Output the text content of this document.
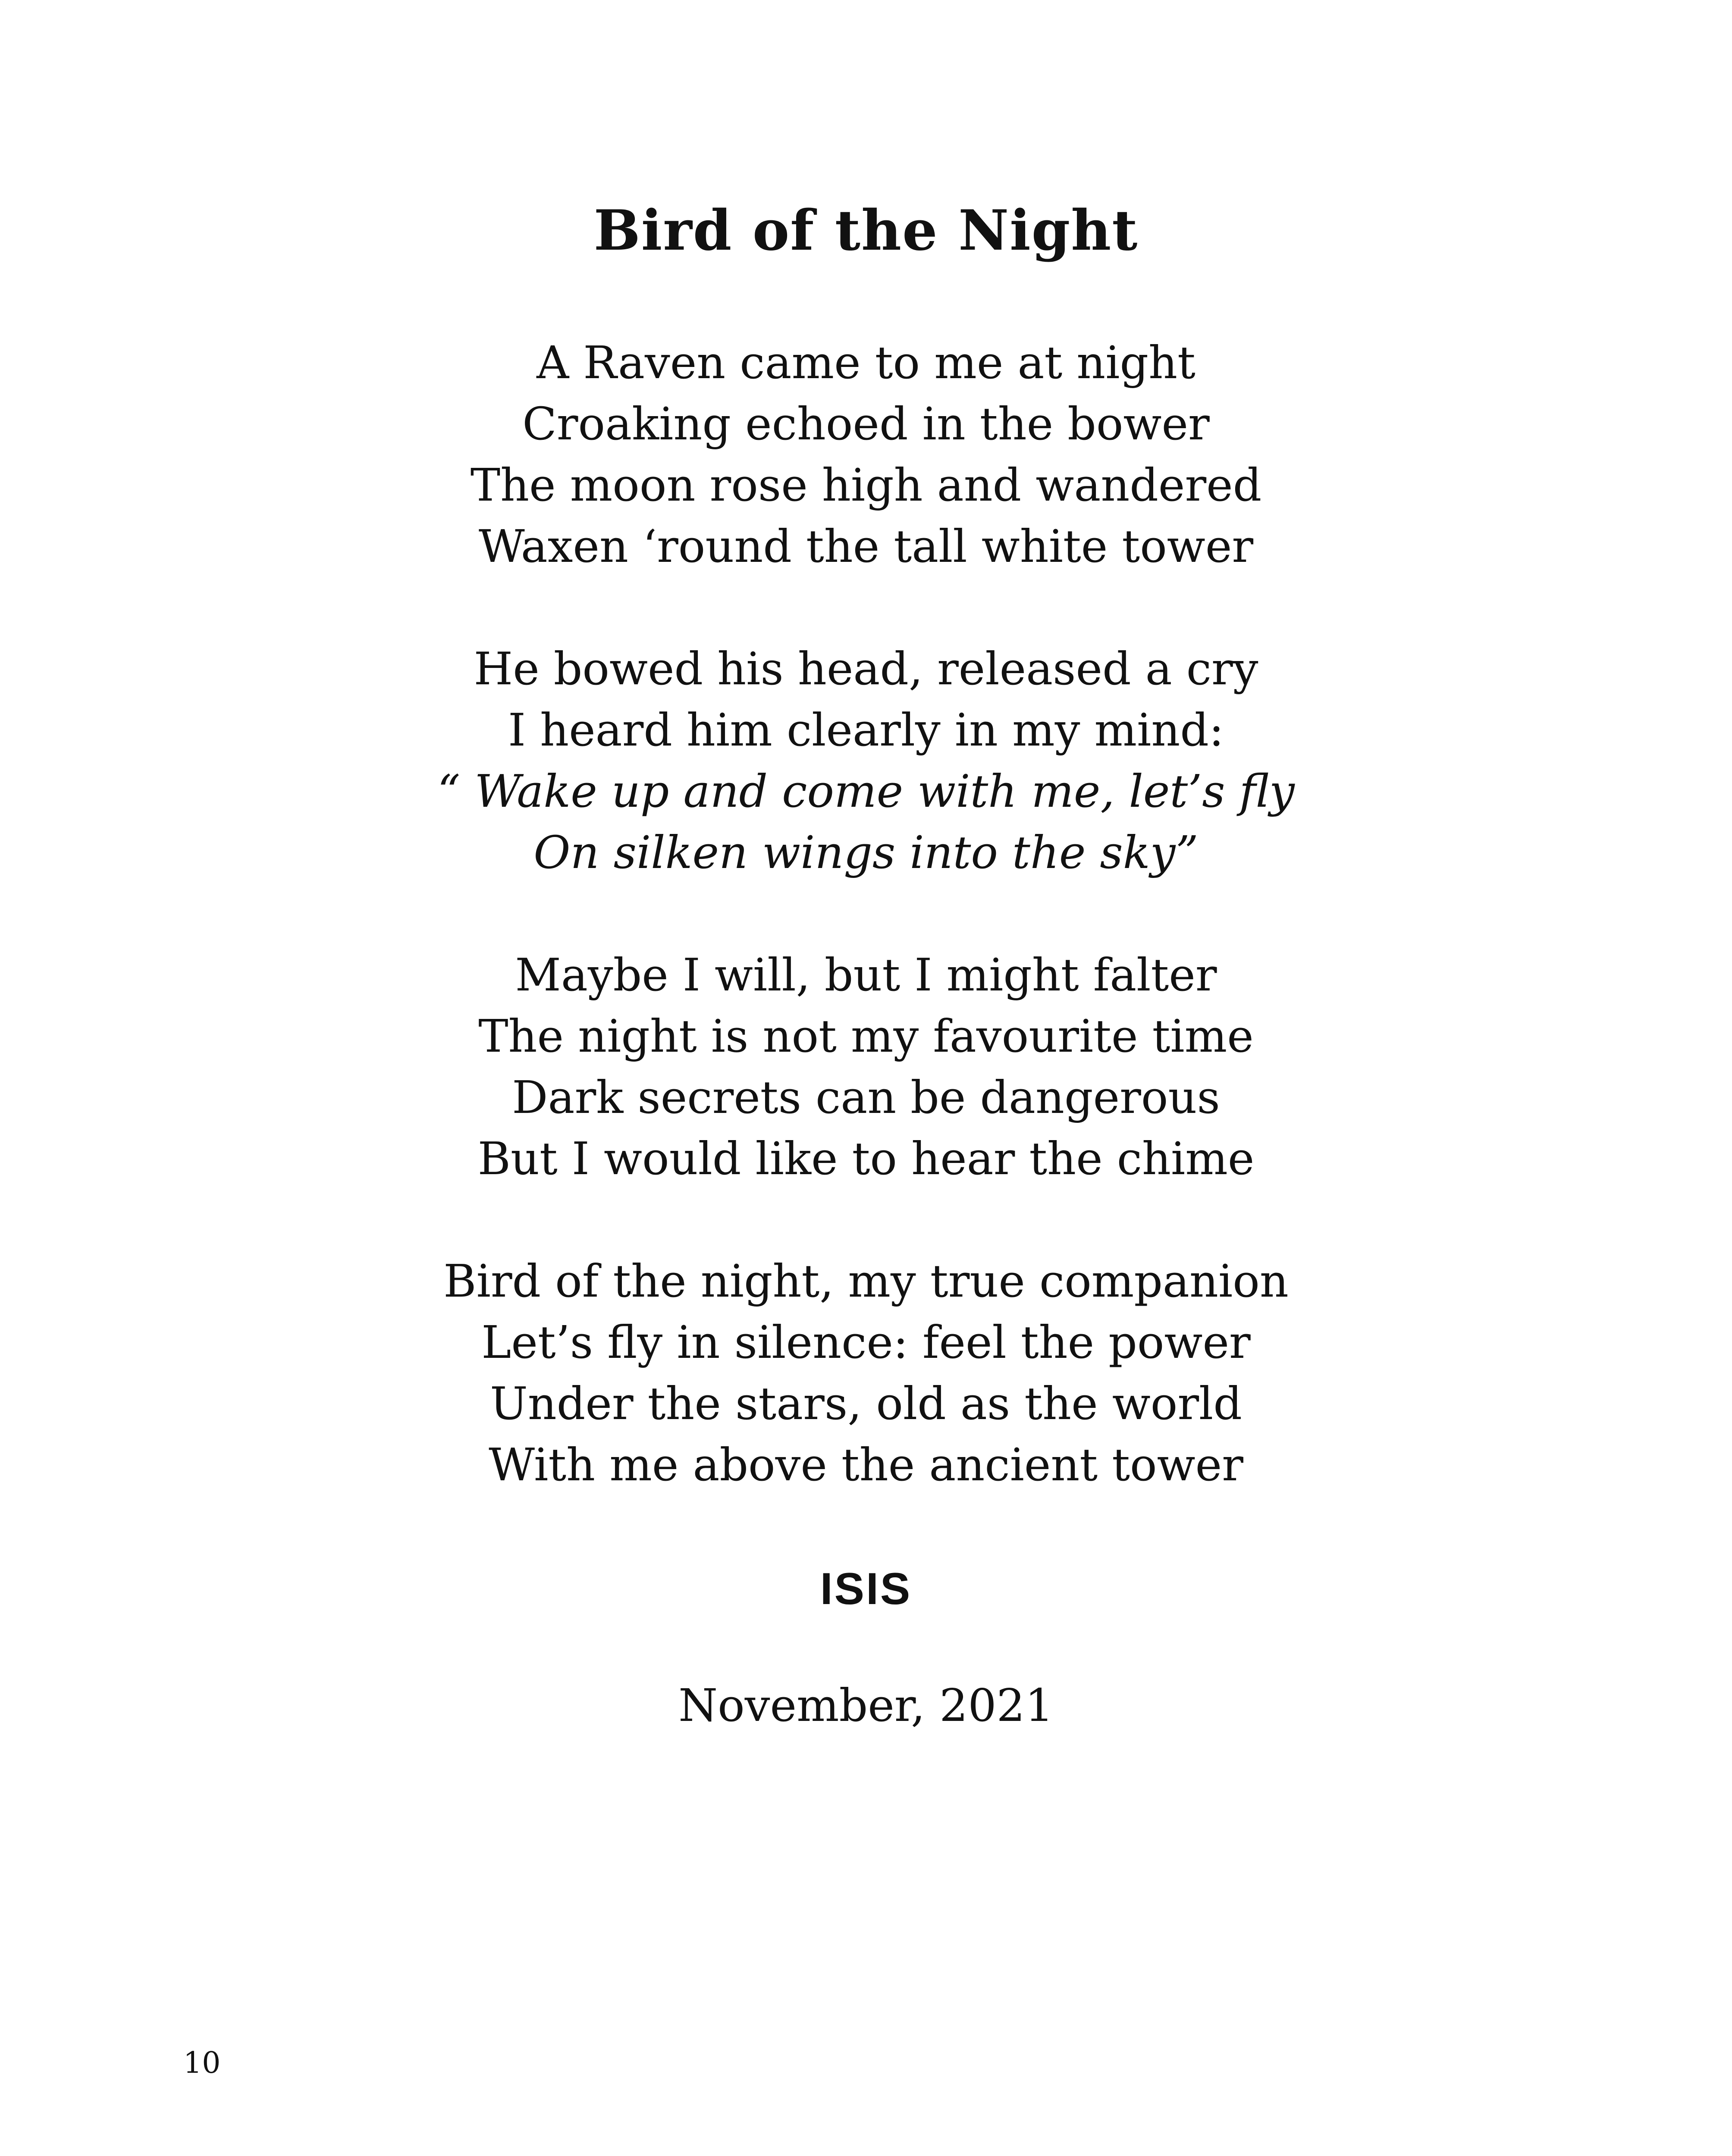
Bird of the Night
A Raven came to me at night
Croaking echoed in the bower
The moon rose high and wandered
Waxen ‘round the tall white tower
He bowed his head, released a cry
I heard him clearly in my mind:
“ Wake up and come with me, let’s fly
On silken wings into the sky”
Maybe I will, but I might falter
The night is not my favourite time
Dark secrets can be dangerous
But I would like to hear the chime
Bird of the night, my true companion
Let’s fly in silence: feel the power
Under the stars, old as the world
With me above the ancient tower
ISIS
November, 2021
10
